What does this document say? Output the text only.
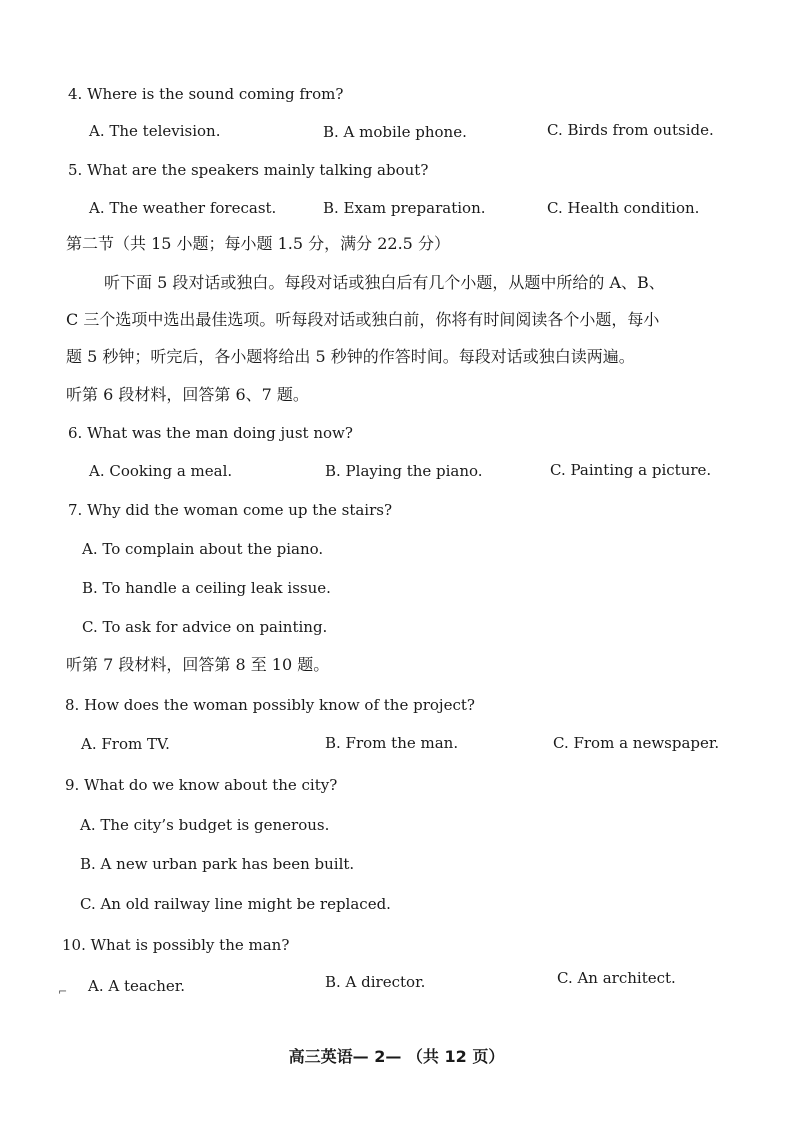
4. Where is the sound coming from?
A. The television.	B. A mobile phone.	C. Birds from outside.
5. What are the speakers mainly talking about?
A. The weather forecast.	B. Exam preparation.	C. Health condition.
第二节（共 15 小题；每小题 1.5 分，满分 22.5 分）
听下面 5 段对话或独白。每段对话或独白后有几个小题，从题中所给的 A、B、
C 三个选项中选出最佳选项。听每段对话或独白前，你将有时间阅读各个小题，每小
题 5 秒钟；听完后，各小题将给出 5 秒钟的作答时间。每段对话或独白读两遍。
听第 6 段材料，回答第 6、7 题。
6. What was the man doing just now?
A. Cooking a meal.	B. Playing the piano.	C. Painting a picture.
7. Why did the woman come up the stairs?
A. To complain about the piano.
B. To handle a ceiling leak issue.
C. To ask for advice on painting.
听第 7 段材料，回答第 8 至 10 题。
8. How does the woman possibly know of the project?
A. From TV.	B. From the man.	C. From a newspaper.
9. What do we know about the city?
A. The city’s budget is generous.
B. A new urban park has been built.
C. An old railway line might be replaced.
10. What is possibly the man?
⌐ A. A teacher.	B. A director.	C. An architect.
高三英语— 2— （共 12 页）
